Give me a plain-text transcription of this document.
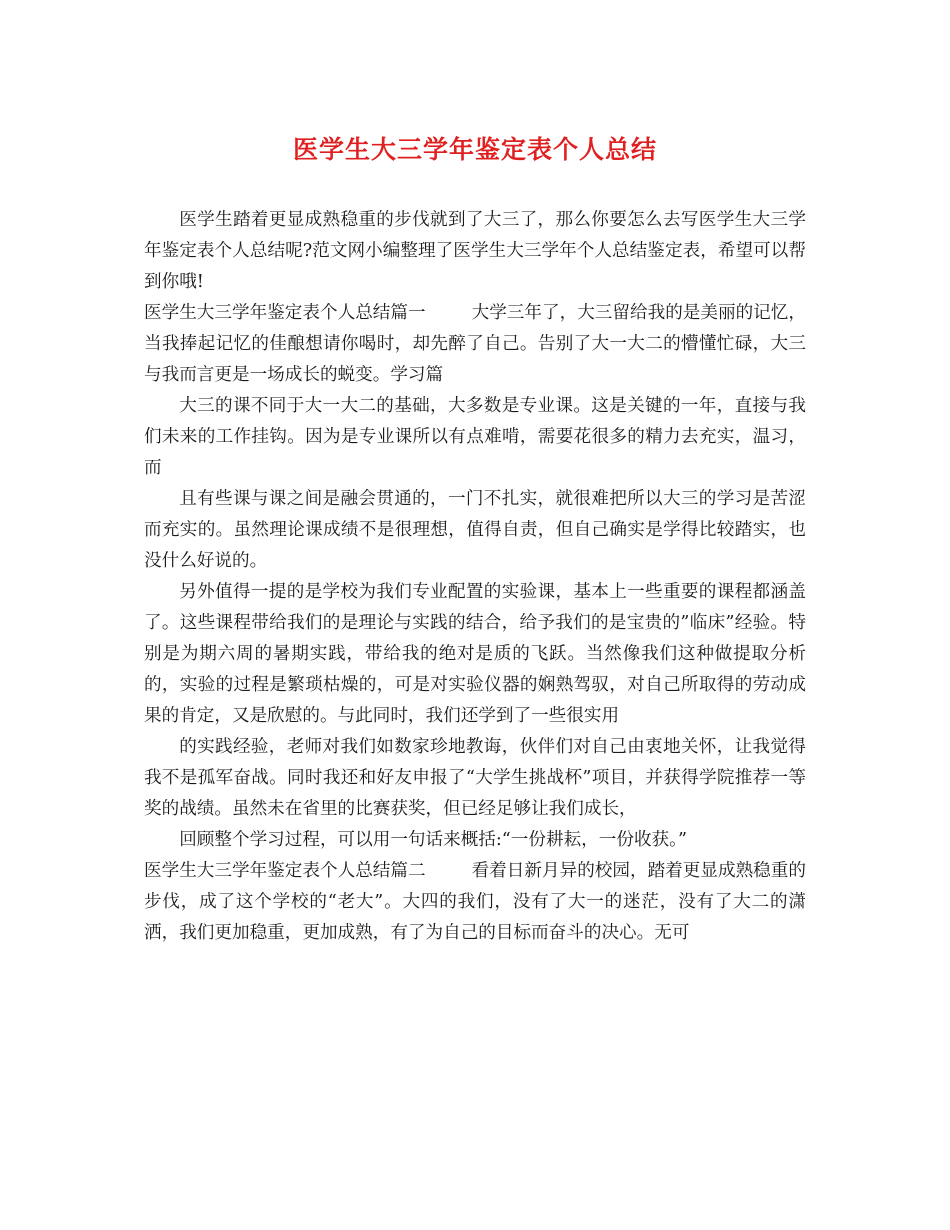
医学生大三学年鉴定表个人总结

医学生踏着更显成熟稳重的步伐就到了大三了，那么你要怎么去写医学生大三学年鉴定表个人总结呢?范文网小编整理了医学生大三学年个人总结鉴定表，希望可以帮到你哦!

医学生大三学年鉴定表个人总结篇一	大学三年了，大三留给我的是美丽的记忆，当我捧起记忆的佳酿想请你喝时，却先醉了自己。告别了大一大二的懵懂忙碌，大三与我而言更是一场成长的蜕变。学习篇

大三的课不同于大一大二的基础，大多数是专业课。这是关键的一年，直接与我们未来的工作挂钩。因为是专业课所以有点难啃，需要花很多的精力去充实，温习，而

且有些课与课之间是融会贯通的，一门不扎实，就很难把所以大三的学习是苦涩而充实的。虽然理论课成绩不是很理想，值得自责，但自己确实是学得比较踏实，也没什么好说的。

另外值得一提的是学校为我们专业配置的实验课，基本上一些重要的课程都涵盖了。这些课程带给我们的是理论与实践的结合，给予我们的是宝贵的”临床”经验。特别是为期六周的暑期实践，带给我的绝对是质的飞跃。当然像我们这种做提取分析的，实验的过程是繁琐枯燥的，可是对实验仪器的娴熟驾驭，对自己所取得的劳动成果的肯定，又是欣慰的。与此同时，我们还学到了一些很实用

的实践经验，老师对我们如数家珍地教诲，伙伴们对自己由衷地关怀，让我觉得我不是孤军奋战。同时我还和好友申报了“大学生挑战杯”项目，并获得学院推荐一等奖的战绩。虽然未在省里的比赛获奖，但已经足够让我们成长，

回顾整个学习过程，可以用一句话来概括:“一份耕耘，一份收获。”

医学生大三学年鉴定表个人总结篇二	看着日新月异的校园，踏着更显成熟稳重的步伐，成了这个学校的“老大”。大四的我们，没有了大一的迷茫，没有了大二的潇洒，我们更加稳重，更加成熟，有了为自己的目标而奋斗的决心。无可
